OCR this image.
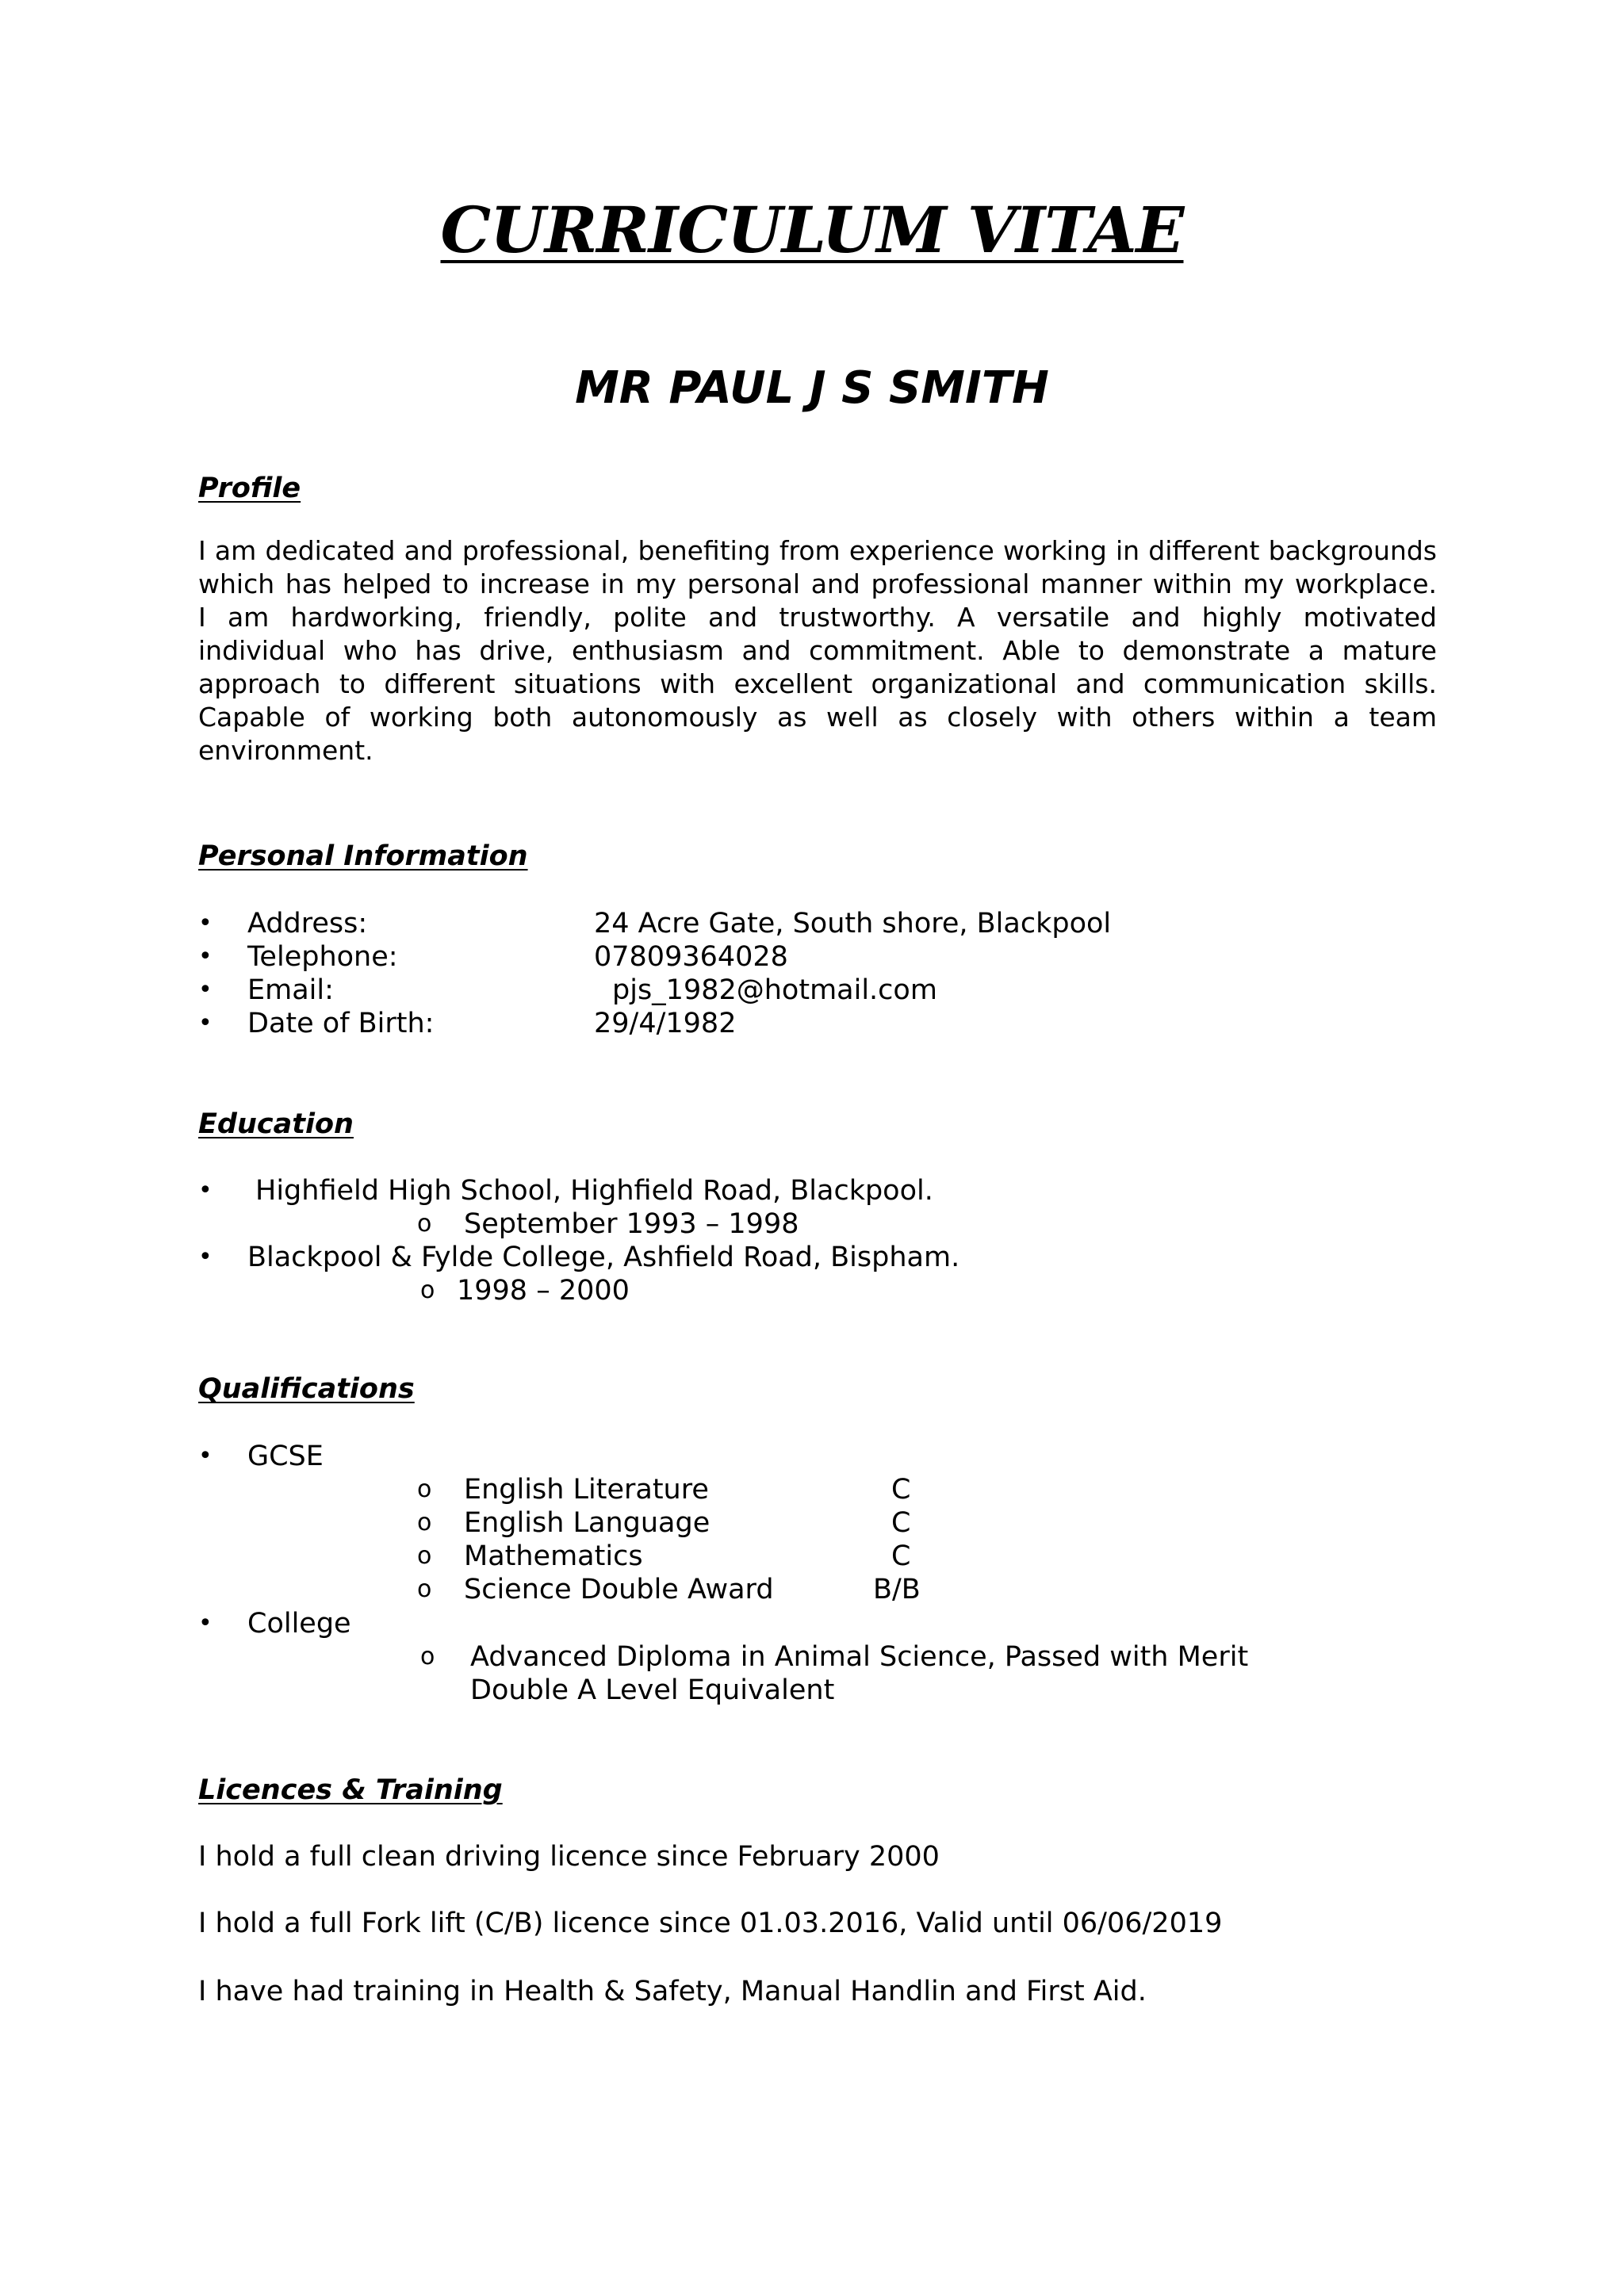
CURRICULUM VITAE
MR PAUL J S SMITH
Profile
I am dedicated and professional, benefiting from experience working in different backgrounds
which has helped to increase in my personal and professional manner within my workplace.
I am hardworking, friendly, polite and trustworthy. A versatile and highly motivated
individual who has drive, enthusiasm and commitment. Able to demonstrate a mature
approach to different situations with excellent organizational and communication skills.
Capable of working both autonomously as well as closely with others within a team
environment.
Personal Information
• Address:	24 Acre Gate, South shore, Blackpool
• Telephone:	07809364028
• Email:	pjs_1982@hotmail.com
• Date of Birth:	29/4/1982
Education
• Highfield High School, Highfield Road, Blackpool.
o September 1993 – 1998
• Blackpool & Fylde College, Ashfield Road, Bispham.
o 1998 – 2000
Qualifications
• GCSE
o English Literature	C
o English Language	C
o Mathematics	C
o Science Double Award	B/B
• College
o Advanced Diploma in Animal Science, Passed with Merit
Double A Level Equivalent
Licences & Training
I hold a full clean driving licence since February 2000
I hold a full Fork lift (C/B) licence since 01.03.2016, Valid until 06/06/2019
I have had training in Health & Safety, Manual Handlin and First Aid.
